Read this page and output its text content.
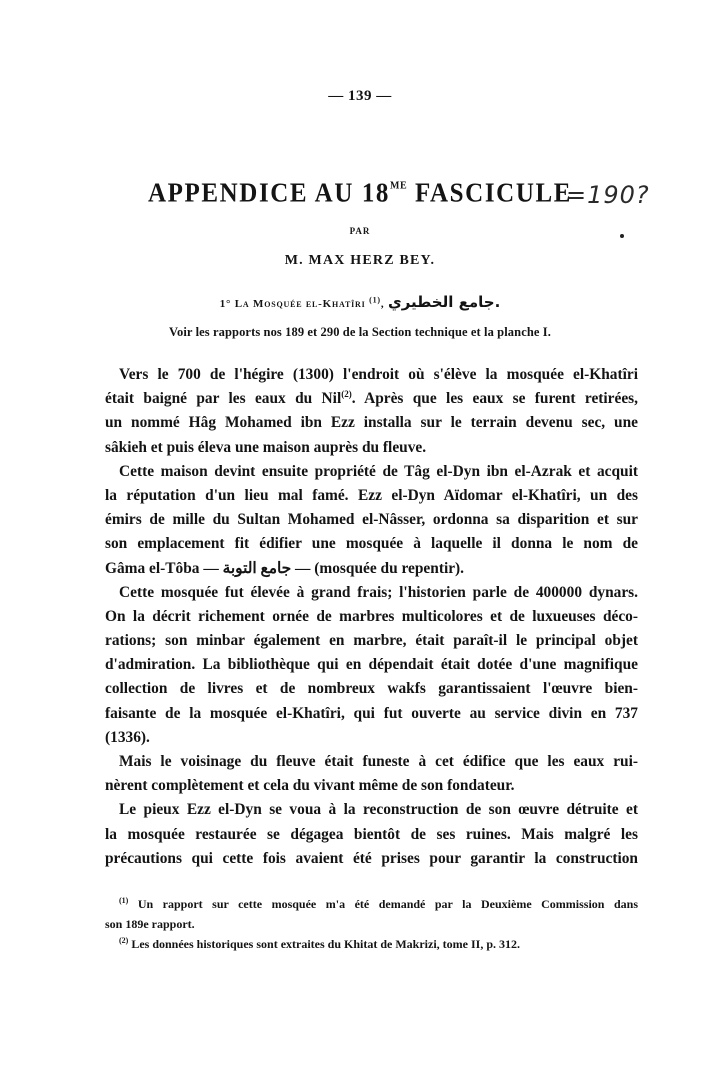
— 139 —
APPENDICE AU $18^{ME}$ FASCICULE
=190?
PAR
M. MAX HERZ BEY.
1° La Mosquée el-Khatîri $^{(1)}$, جامع الخطيري.
Voir les rapports nos 189 et 290 de la Section technique et la planche I.
Vers le 700 de l'hégire (1300) l'endroit où s'élève la mosquée el-Khatîri
était baigné par les eaux du Nil$^{(2)}$. Après que les eaux se furent retirées,
un nommé Hâg Mohamed ibn Ezz installa sur le terrain devenu sec, une
sâkieh et puis éleva une maison auprès du fleuve.
Cette maison devint ensuite propriété de Tâg el-Dyn ibn el-Azrak et acquit
la réputation d'un lieu mal famé. Ezz el-Dyn Aïdomar el-Khatîri, un des
émirs de mille du Sultan Mohamed el-Nâsser, ordonna sa disparition et sur
son emplacement fit édifier une mosquée à laquelle il donna le nom de
Gâma el-Tôba — جامع التوبة — (mosquée du repentir).
Cette mosquée fut élevée à grand frais; l'historien parle de 400000 dynars.
On la décrit richement ornée de marbres multicolores et de luxueuses déco-
rations; son minbar également en marbre, était paraît-il le principal objet
d'admiration. La bibliothèque qui en dépendait était dotée d'une magnifique
collection de livres et de nombreux wakfs garantissaient l'œuvre bien-
faisante de la mosquée el-Khatîri, qui fut ouverte au service divin en 737
(1336).
Mais le voisinage du fleuve était funeste à cet édifice que les eaux rui-
nèrent complètement et cela du vivant même de son fondateur.
Le pieux Ezz el-Dyn se voua à la reconstruction de son œuvre détruite et
la mosquée restaurée se dégagea bientôt de ses ruines. Mais malgré les
précautions qui cette fois avaient été prises pour garantir la construction
$^{(1)}$ Un rapport sur cette mosquée m'a été demandé par la Deuxième Commission dans
son 189e rapport.
$^{(2)}$ Les données historiques sont extraites du Khitat de Makrizi, tome II, p. 312.
